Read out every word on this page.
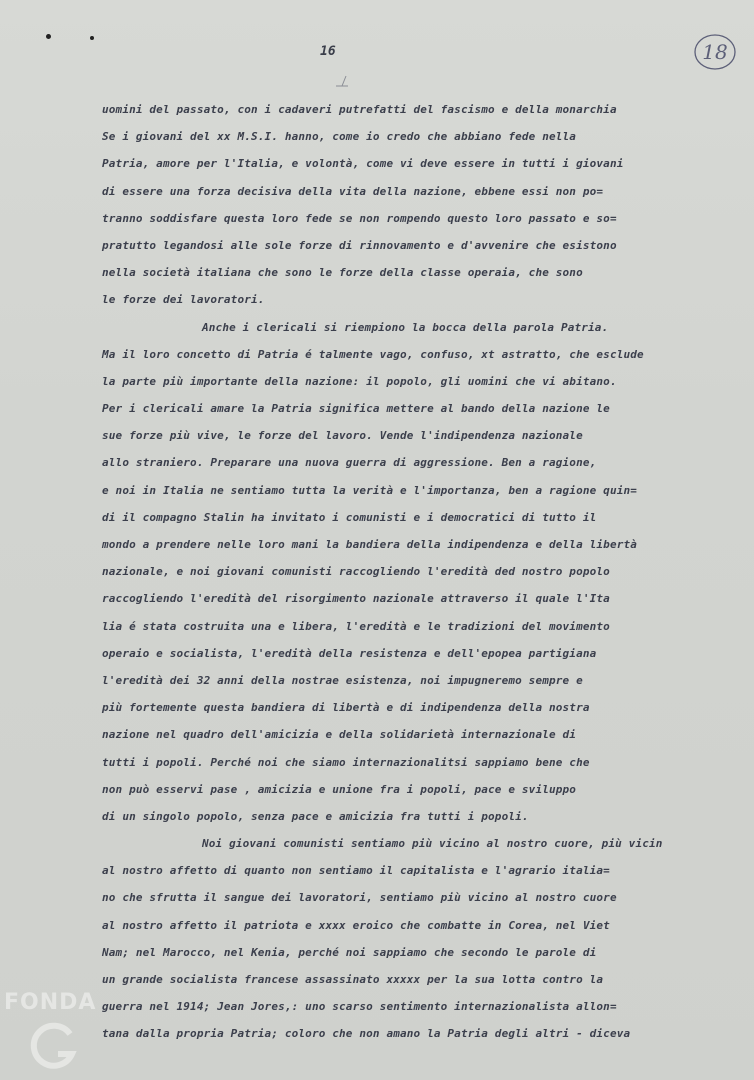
16	18
uomini del passato, con i cadaveri putrefatti del fascismo e della monarchia
Se i giovani del xx M.S.I. hanno, come io credo che abbiano fede nella
Patria, amore per l'Italia, e volontà, come vi deve essere in tutti i giovani
di essere una forza decisiva della vita della nazione, ebbene essi non po=
tranno soddisfare questa loro fede se non rompendo questo loro passato e so=
pratutto legandosi alle sole forze di rinnovamento e d'avvenire che esistono
nella società italiana che sono le forze della classe operaia, che sono
le forze dei lavoratori.
Anche i clericali si riempiono la bocca della parola Patria.
Ma il loro concetto di Patria é talmente vago, confuso, xt astratto, che esclude
la parte più importante della nazione: il popolo, gli uomini che vi abitano.
Per i clericali amare la Patria significa mettere al bando della nazione le
sue forze più vive, le forze del lavoro. Vende l'indipendenza nazionale
allo straniero. Preparare una nuova guerra di aggressione. Ben a ragione,
e noi in Italia ne sentiamo tutta la verità e l'importanza, ben a ragione quin=
di il compagno Stalin ha invitato i comunisti e i democratici di tutto il
mondo a prendere nelle loro mani la bandiera della indipendenza e della libertà
nazionale, e noi giovani comunisti raccogliendo l'eredità ded nostro popolo
raccogliendo l'eredità del risorgimento nazionale attraverso il quale l'Ita
lia é stata costruita una e libera, l'eredità e le tradizioni del movimento
operaio e socialista, l'eredità della resistenza e dell'epopea partigiana
l'eredità dei 32 anni della nostrae esistenza, noi impugneremo sempre e
più fortemente questa bandiera di libertà e di indipendenza della nostra
nazione nel quadro dell'amicizia e della solidarietà internazionale di
tutti i popoli. Perché noi che siamo internazionalitsi sappiamo bene che
non può esservi pase , amicizia e unione fra i popoli, pace e sviluppo
di un singolo popolo, senza pace e amicizia fra tutti i popoli.
Noi giovani comunisti sentiamo più vicino al nostro cuore, più vicin
al nostro affetto di quanto non sentiamo il capitalista e l'agrario italia=
no che sfrutta il sangue dei lavoratori, sentiamo più vicino al nostro cuore
al nostro affetto il patriota e xxxx eroico che combatte in Corea, nel Viet
Nam; nel Marocco, nel Kenia, perché noi sappiamo che secondo le parole di
un grande socialista francese assassinato xxxxx per la sua lotta contro la
guerra nel 1914; Jean Jores,: uno scarso sentimento internazionalista allon=
tana dalla propria Patria; coloro che non amano la Patria degli altri - diceva
FONDA
